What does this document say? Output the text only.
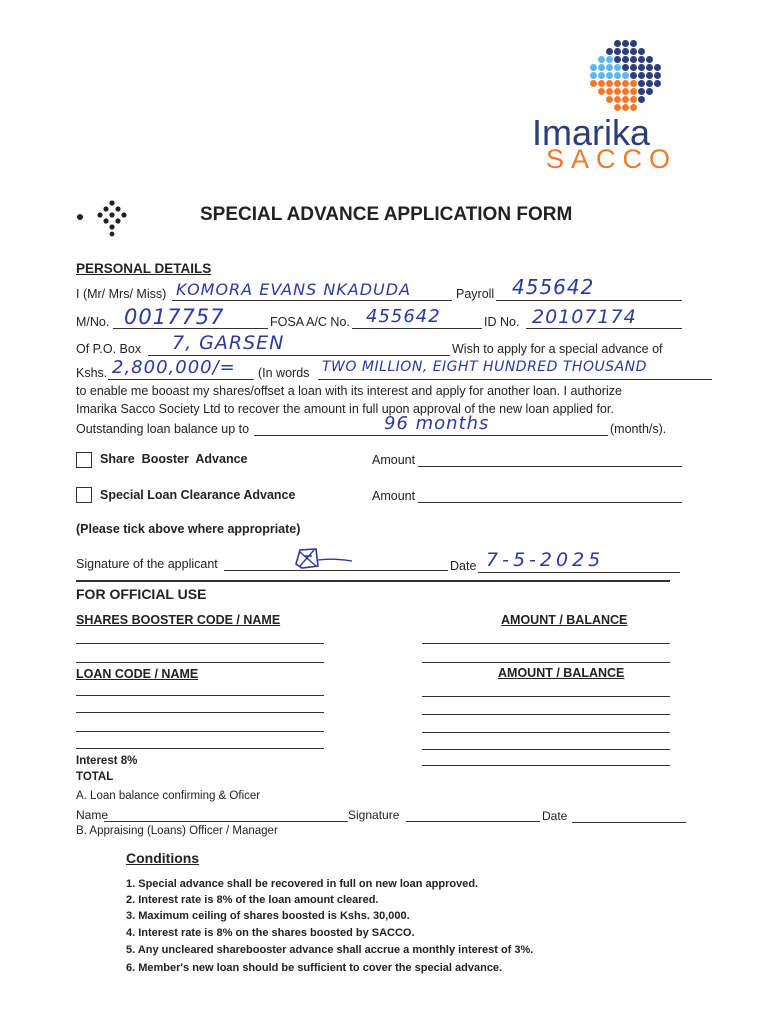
Imarika
SACCO
SPECIAL ADVANCE APPLICATION FORM
PERSONAL DETAILS
I (Mr/ Mrs/ Miss) KOMORA EVANS NKADUDA	Payroll 455642
M/No. 0017757	FOSA A/C No. 455642	ID No. 20107174
Of P.O. Box 7, GARSEN	Wish to apply for a special advance of
Kshs. 2,800,000/= (In words TWO MILLION, EIGHT HUNDRED THOUSAND
to enable me booast my shares/offset a loan with its interest and apply for another loan. I authorize
Imarika Sacco Society Ltd to recover the amount in full upon approval of the new loan applied for.
Outstanding loan balance up to	96 months	(month/s).
Share  Booster  Advance	Amount
Special Loan Clearance Advance	Amount
(Please tick above where appropriate)
Signature of the applicant	Date 7-5-2025
FOR OFFICIAL USE
SHARES BOOSTER CODE / NAME	AMOUNT / BALANCE
LOAN CODE / NAME	AMOUNT / BALANCE
Interest 8%
TOTAL
A. Loan balance confirming & Oficer
Name	Signature	Date
B. Appraising (Loans) Officer / Manager
Conditions
1. Special advance shall be recovered in full on new loan approved.
2. Interest rate is 8% of the loan amount cleared.
3. Maximum ceiling of shares boosted is Kshs. 30,000.
4. Interest rate is 8% on the shares boosted by SACCO.
5. Any uncleared sharebooster advance shall accrue a monthly interest of 3%.
6. Member's new loan should be sufficient to cover the special advance.
